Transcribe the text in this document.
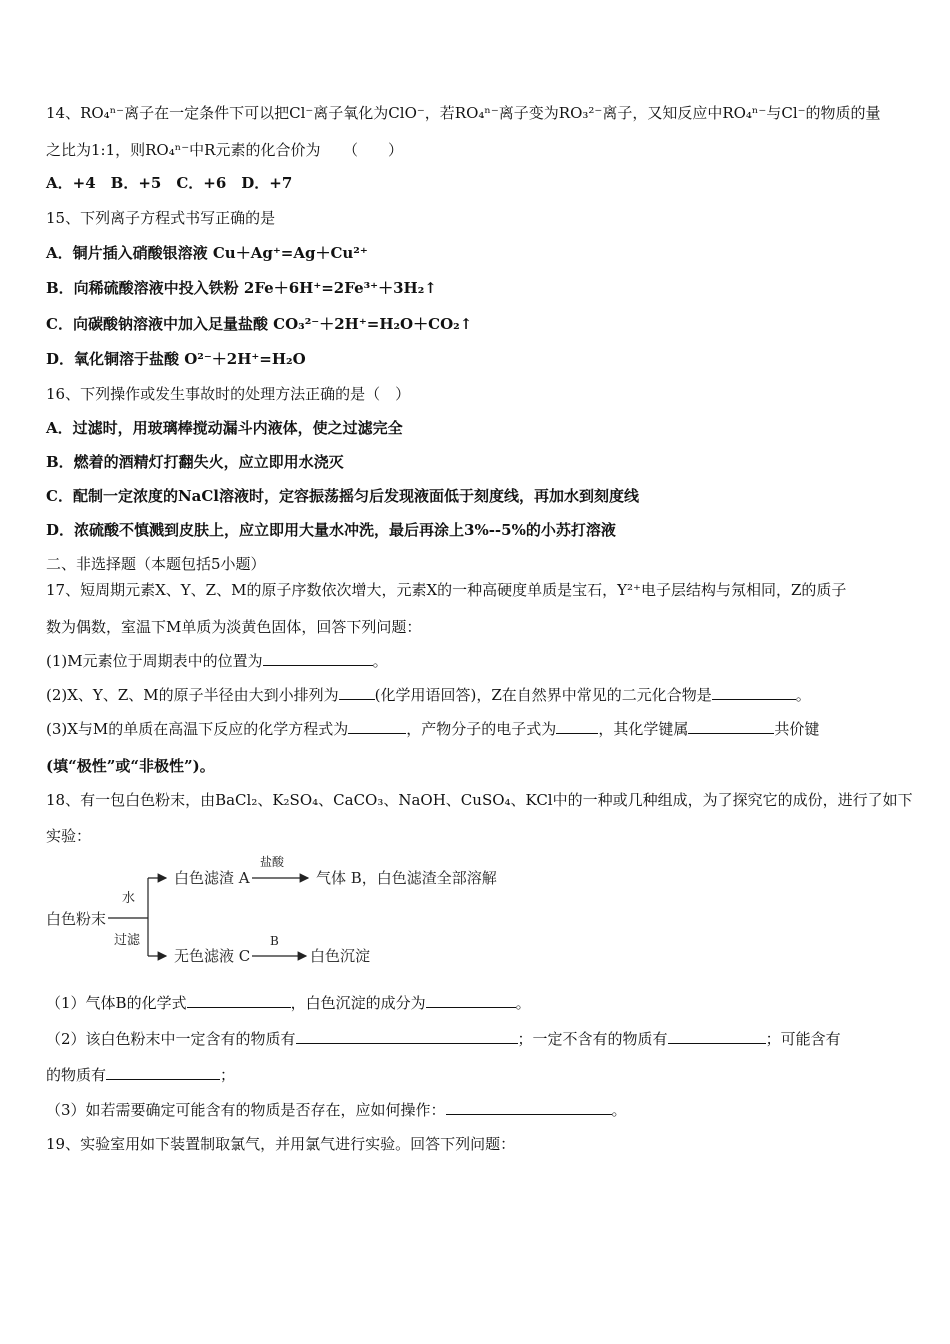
14、RO₄ⁿ⁻离子在一定条件下可以把Cl⁻离子氧化为ClO⁻，若RO₄ⁿ⁻离子变为RO₃²⁻离子，又知反应中RO₄ⁿ⁻与Cl⁻的物质的量
之比为1:1，则RO₄ⁿ⁻中R元素的化合价为　　（　　）
A．+4　B．+5　C．+6　D．+7
15、下列离子方程式书写正确的是
A．铜片插入硝酸银溶液 Cu＋Ag⁺=Ag＋Cu²⁺
B．向稀硫酸溶液中投入铁粉 2Fe＋6H⁺=2Fe³⁺＋3H₂↑
C．向碳酸钠溶液中加入足量盐酸 CO₃²⁻＋2H⁺=H₂O＋CO₂↑
D．氧化铜溶于盐酸 O²⁻＋2H⁺=H₂O
16、下列操作或发生事故时的处理方法正确的是（　）
A．过滤时，用玻璃棒搅动漏斗内液体，使之过滤完全
B．燃着的酒精灯打翻失火，应立即用水浇灭
C．配制一定浓度的NaCl溶液时，定容振荡摇匀后发现液面低于刻度线，再加水到刻度线
D．浓硫酸不慎溅到皮肤上，应立即用大量水冲洗，最后再涂上3%--5%的小苏打溶液
二、非选择题（本题包括5小题）
17、短周期元素X、Y、Z、M的原子序数依次增大，元素X的一种高硬度单质是宝石，Y²⁺电子层结构与氖相同，Z的质子
数为偶数，室温下M单质为淡黄色固体，回答下列问题：
(1)M元素位于周期表中的位置为	。
(2)X、Y、Z、M的原子半径由大到小排列为 (化学用语回答)，Z在自然界中常见的二元化合物是	。
(3)X与M的单质在高温下反应的化学方程式为	，产物分子的电子式为	，其化学键属	共价键
(填“极性”或“非极性”)。
18、有一包白色粉末，由BaCl₂、K₂SO₄、CaCO₃、NaOH、CuSO₄、KCl中的一种或几种组成，为了探究它的成份，进行了如下
实验：
白色粉末
水
过滤
白色滤渣 A
盐酸
气体 B，白色滤渣全部溶解
无色滤液 C
B
白色沉淀
（1）气体B的化学式	，白色沉淀的成分为	。
（2）该白色粉末中一定含有的物质有	；一定不含有的物质有	；可能含有
的物质有	；
（3）如若需要确定可能含有的物质是否存在，应如何操作：	。
19、实验室用如下装置制取氯气，并用氯气进行实验。回答下列问题：
